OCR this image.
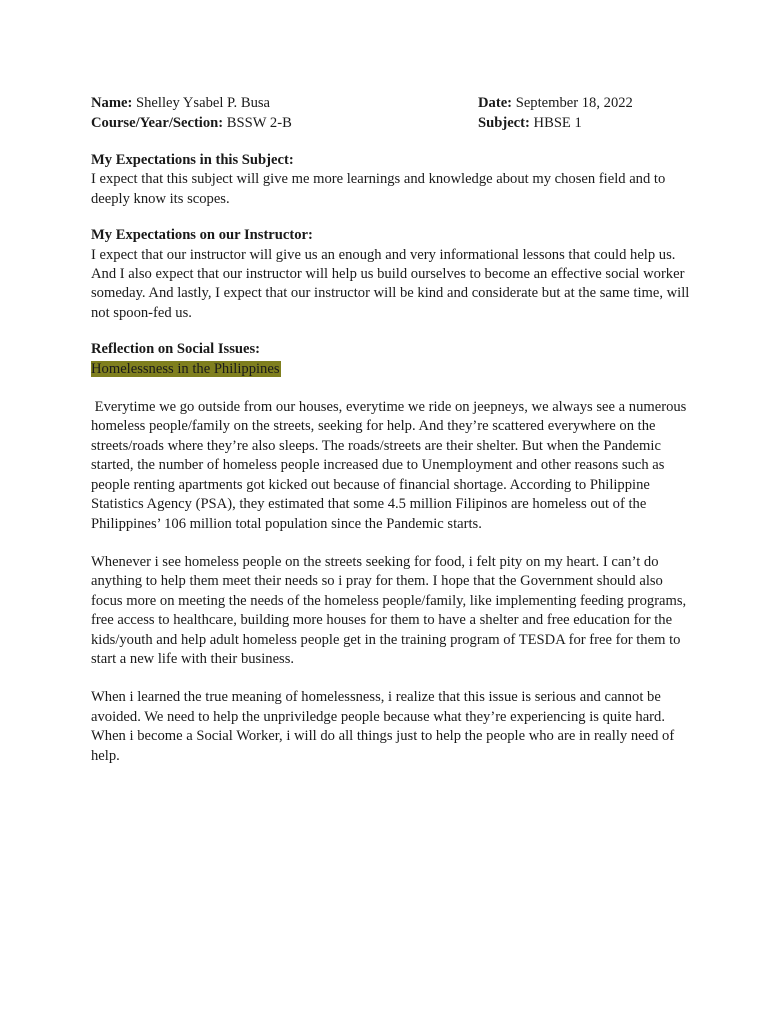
Name: Shelley Ysabel P. Busa	Date: September 18, 2022
Course/Year/Section: BSSW 2-B	Subject: HBSE 1
My Expectations in this Subject:

I expect that this subject will give me more learnings and knowledge about my chosen field and to deeply know its scopes.

My Expectations on our Instructor:

I expect that our instructor will give us an enough and very informational lessons that could help us. And I also expect that our instructor will help us build ourselves to become an effective social worker someday. And lastly, I expect that our instructor will be kind and considerate but at the same time, will not spoon-fed us.

Reflection on Social Issues:
Homelessness in the Philippines

Everytime we go outside from our houses, everytime we ride on jeepneys, we always see a numerous homeless people/family on the streets, seeking for help. And they’re scattered everywhere on the streets/roads where they’re also sleeps. The roads/streets are their shelter. But when the Pandemic started, the number of homeless people increased due to Unemployment and other reasons such as people renting apartments got kicked out because of financial shortage. According to Philippine Statistics Agency (PSA), they estimated that some 4.5 million Filipinos are homeless out of the Philippines’ 106 million total population since the Pandemic starts.

Whenever i see homeless people on the streets seeking for food, i felt pity on my heart. I can’t do anything to help them meet their needs so i pray for them. I hope that the Government should also focus more on meeting the needs of the homeless people/family, like implementing feeding programs, free access to healthcare, building more houses for them to have a shelter and free education for the kids/youth and help adult homeless people get in the training program of TESDA for free for them to start a new life with their business.

When i learned the true meaning of homelessness, i realize that this issue is serious and cannot be avoided. We need to help the unpriviledge people because what they’re experiencing is quite hard. When i become a Social Worker, i will do all things just to help the people who are in really need of help.
